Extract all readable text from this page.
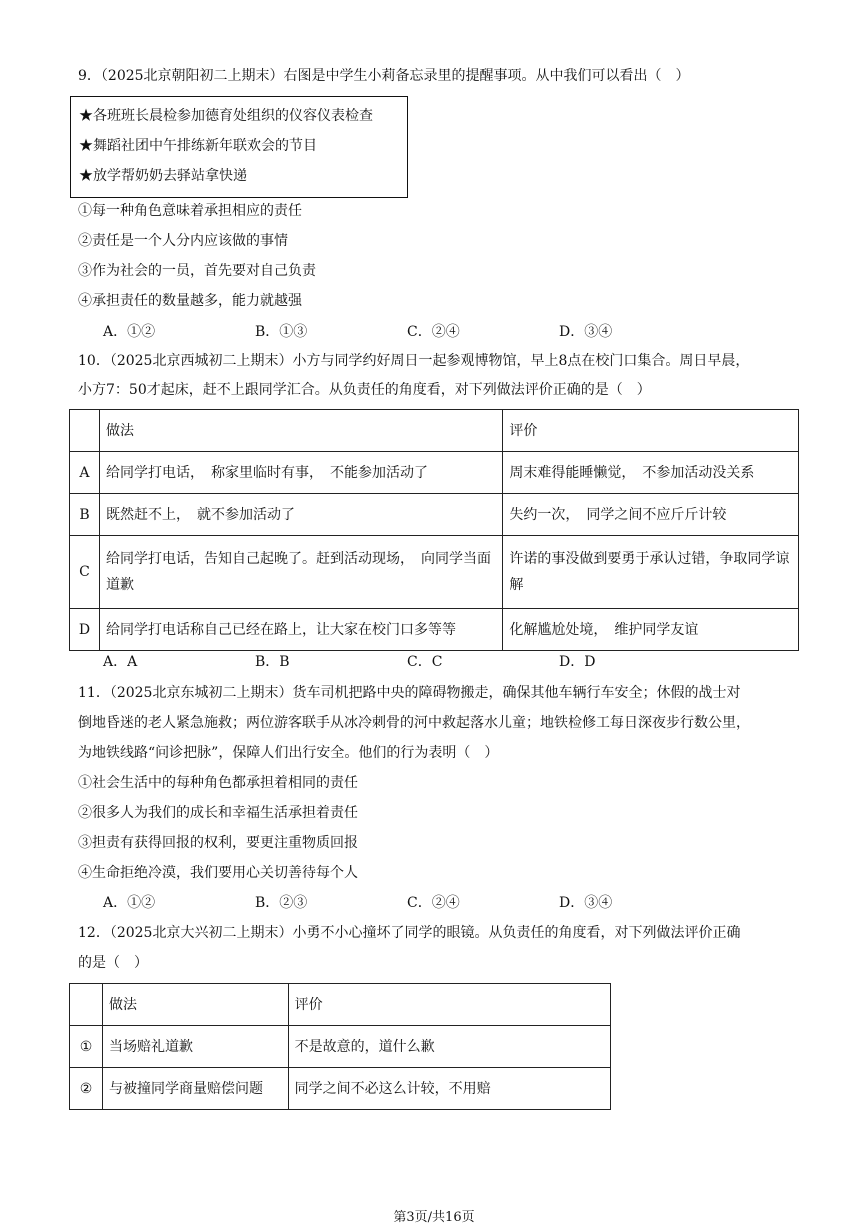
9．（2025北京朝阳初二上期末）右图是中学生小莉备忘录里的提醒事项。从中我们可以看出（　）
★各班班长晨检参加德育处组织的仪容仪表检查
★舞蹈社团中午排练新年联欢会的节目
★放学帮奶奶去驿站拿快递
①每一种角色意味着承担相应的责任
②责任是一个人分内应该做的事情
③作为社会的一员，首先要对自己负责
④承担责任的数量越多，能力就越强
A．①②	B．①③	C．②④	D．③④
10．（2025北京西城初二上期末）小方与同学约好周日一起参观博物馆，早上8点在校门口集合。周日早晨，
小方7：50才起床，赶不上跟同学汇合。从负责任的角度看，对下列做法评价正确的是（　）
	做法	评价
A	给同学打电话，　称家里临时有事，　不能参加活动了	周末难得能睡懒觉，　不参加活动没关系
B	既然赶不上，　就不参加活动了	失约一次，　同学之间不应斤斤计较
C	给同学打电话，告知自己起晚了。赶到活动现场，　向同学当面道歉	许诺的事没做到要勇于承认过错，争取同学谅解
D	给同学打电话称自己已经在路上，让大家在校门口多等等	化解尴尬处境，　维护同学友谊
A．A	B．B	C．C	D．D
11．（2025北京东城初二上期末）货车司机把路中央的障碍物搬走，确保其他车辆行车安全；休假的战士对
倒地昏迷的老人紧急施救；两位游客联手从冰冷刺骨的河中救起落水儿童；地铁检修工每日深夜步行数公里，
为地铁线路“问诊把脉”，保障人们出行安全。他们的行为表明（　）
①社会生活中的每种角色都承担着相同的责任
②很多人为我们的成长和幸福生活承担着责任
③担责有获得回报的权利，要更注重物质回报
④生命拒绝冷漠，我们要用心关切善待每个人
A．①②	B．②③	C．②④	D．③④
12．（2025北京大兴初二上期末）小勇不小心撞坏了同学的眼镜。从负责任的角度看，对下列做法评价正确
的是（　）
	做法	评价
①	当场赔礼道歉	不是故意的，道什么歉
②	与被撞同学商量赔偿问题	同学之间不必这么计较，不用赔
第3页/共16页
